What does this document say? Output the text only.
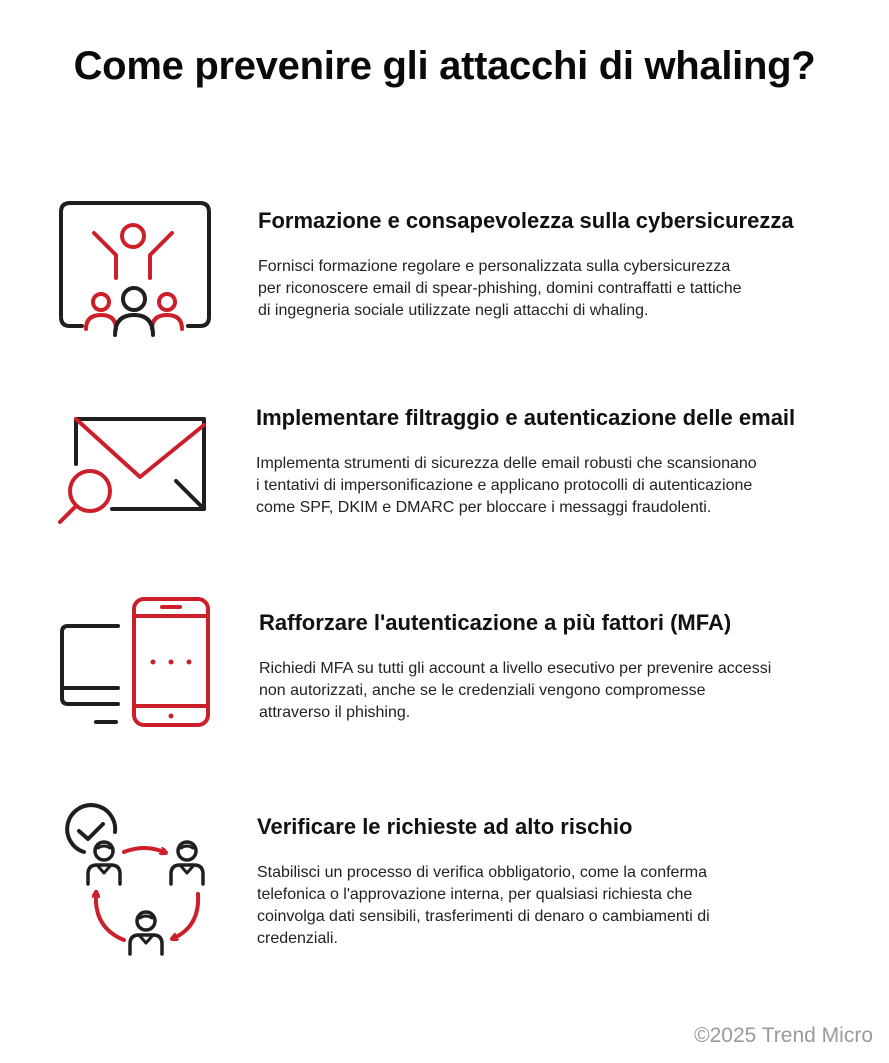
Come prevenire gli attacchi di whaling?
Formazione e consapevolezza sulla cybersicurezza

Fornisci formazione regolare e personalizzata sulla cybersicurezza
per riconoscere email di spear-phishing, domini contraffatti e tattiche
di ingegneria sociale utilizzate negli attacchi di whaling.

Implementare filtraggio e autenticazione delle email

Implementa strumenti di sicurezza delle email robusti che scansionano
i tentativi di impersonificazione e applicano protocolli di autenticazione
come SPF, DKIM e DMARC per bloccare i messaggi fraudolenti.

Rafforzare l'autenticazione a più fattori (MFA)

Richiedi MFA su tutti gli account a livello esecutivo per prevenire accessi
non autorizzati, anche se le credenziali vengono compromesse
attraverso il phishing.

Verificare le richieste ad alto rischio

Stabilisci un processo di verifica obbligatorio, come la conferma
telefonica o l'approvazione interna, per qualsiasi richiesta che
coinvolga dati sensibili, trasferimenti di denaro o cambiamenti di
credenziali.

©2025 Trend Micro
